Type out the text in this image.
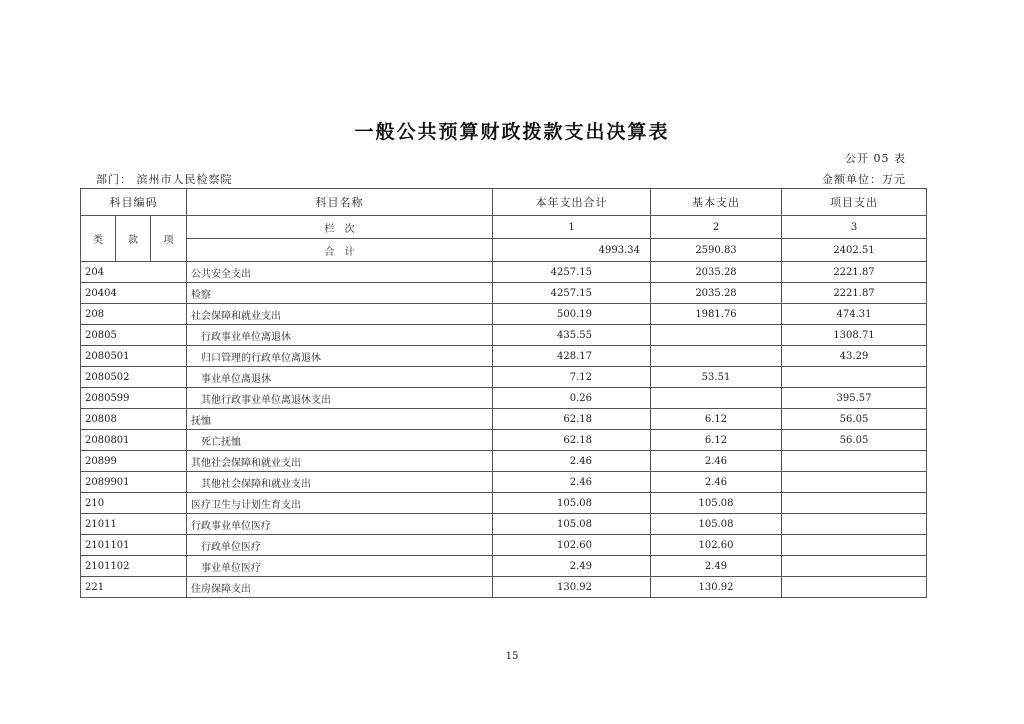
一般公共预算财政拨款支出决算表
公开 05 表
部门： 滨州市人民检察院	金额单位：万元
科目编码			科目名称	本年支出合计	基本支出	项目支出
类	款	项	栏　次	1	2	3
			合　计	4993.34	2590.83	2402.51
204			公共安全支出	4257.15	2035.28	2221.87
20404			检察	4257.15	2035.28	2221.87
208			社会保障和就业支出	500.19	1981.76	474.31
20805			行政事业单位离退休	435.55		1308.71
2080501			归口管理的行政单位离退休	428.17		43.29
2080502			事业单位离退休	7.12	53.51	
2080599			其他行政事业单位离退休支出	0.26		395.57
20808			抚恤	62.18	6.12	56.05
2080801			死亡抚恤	62.18	6.12	56.05
20899			其他社会保障和就业支出	2.46	2.46	
2089901			其他社会保障和就业支出	2.46	2.46	
210			医疗卫生与计划生育支出	105.08	105.08	
21011			行政事业单位医疗	105.08	105.08	
2101101			行政单位医疗	102.60	102.60	
2101102			事业单位医疗	2.49	2.49	
221			住房保障支出	130.92	130.92	
15
